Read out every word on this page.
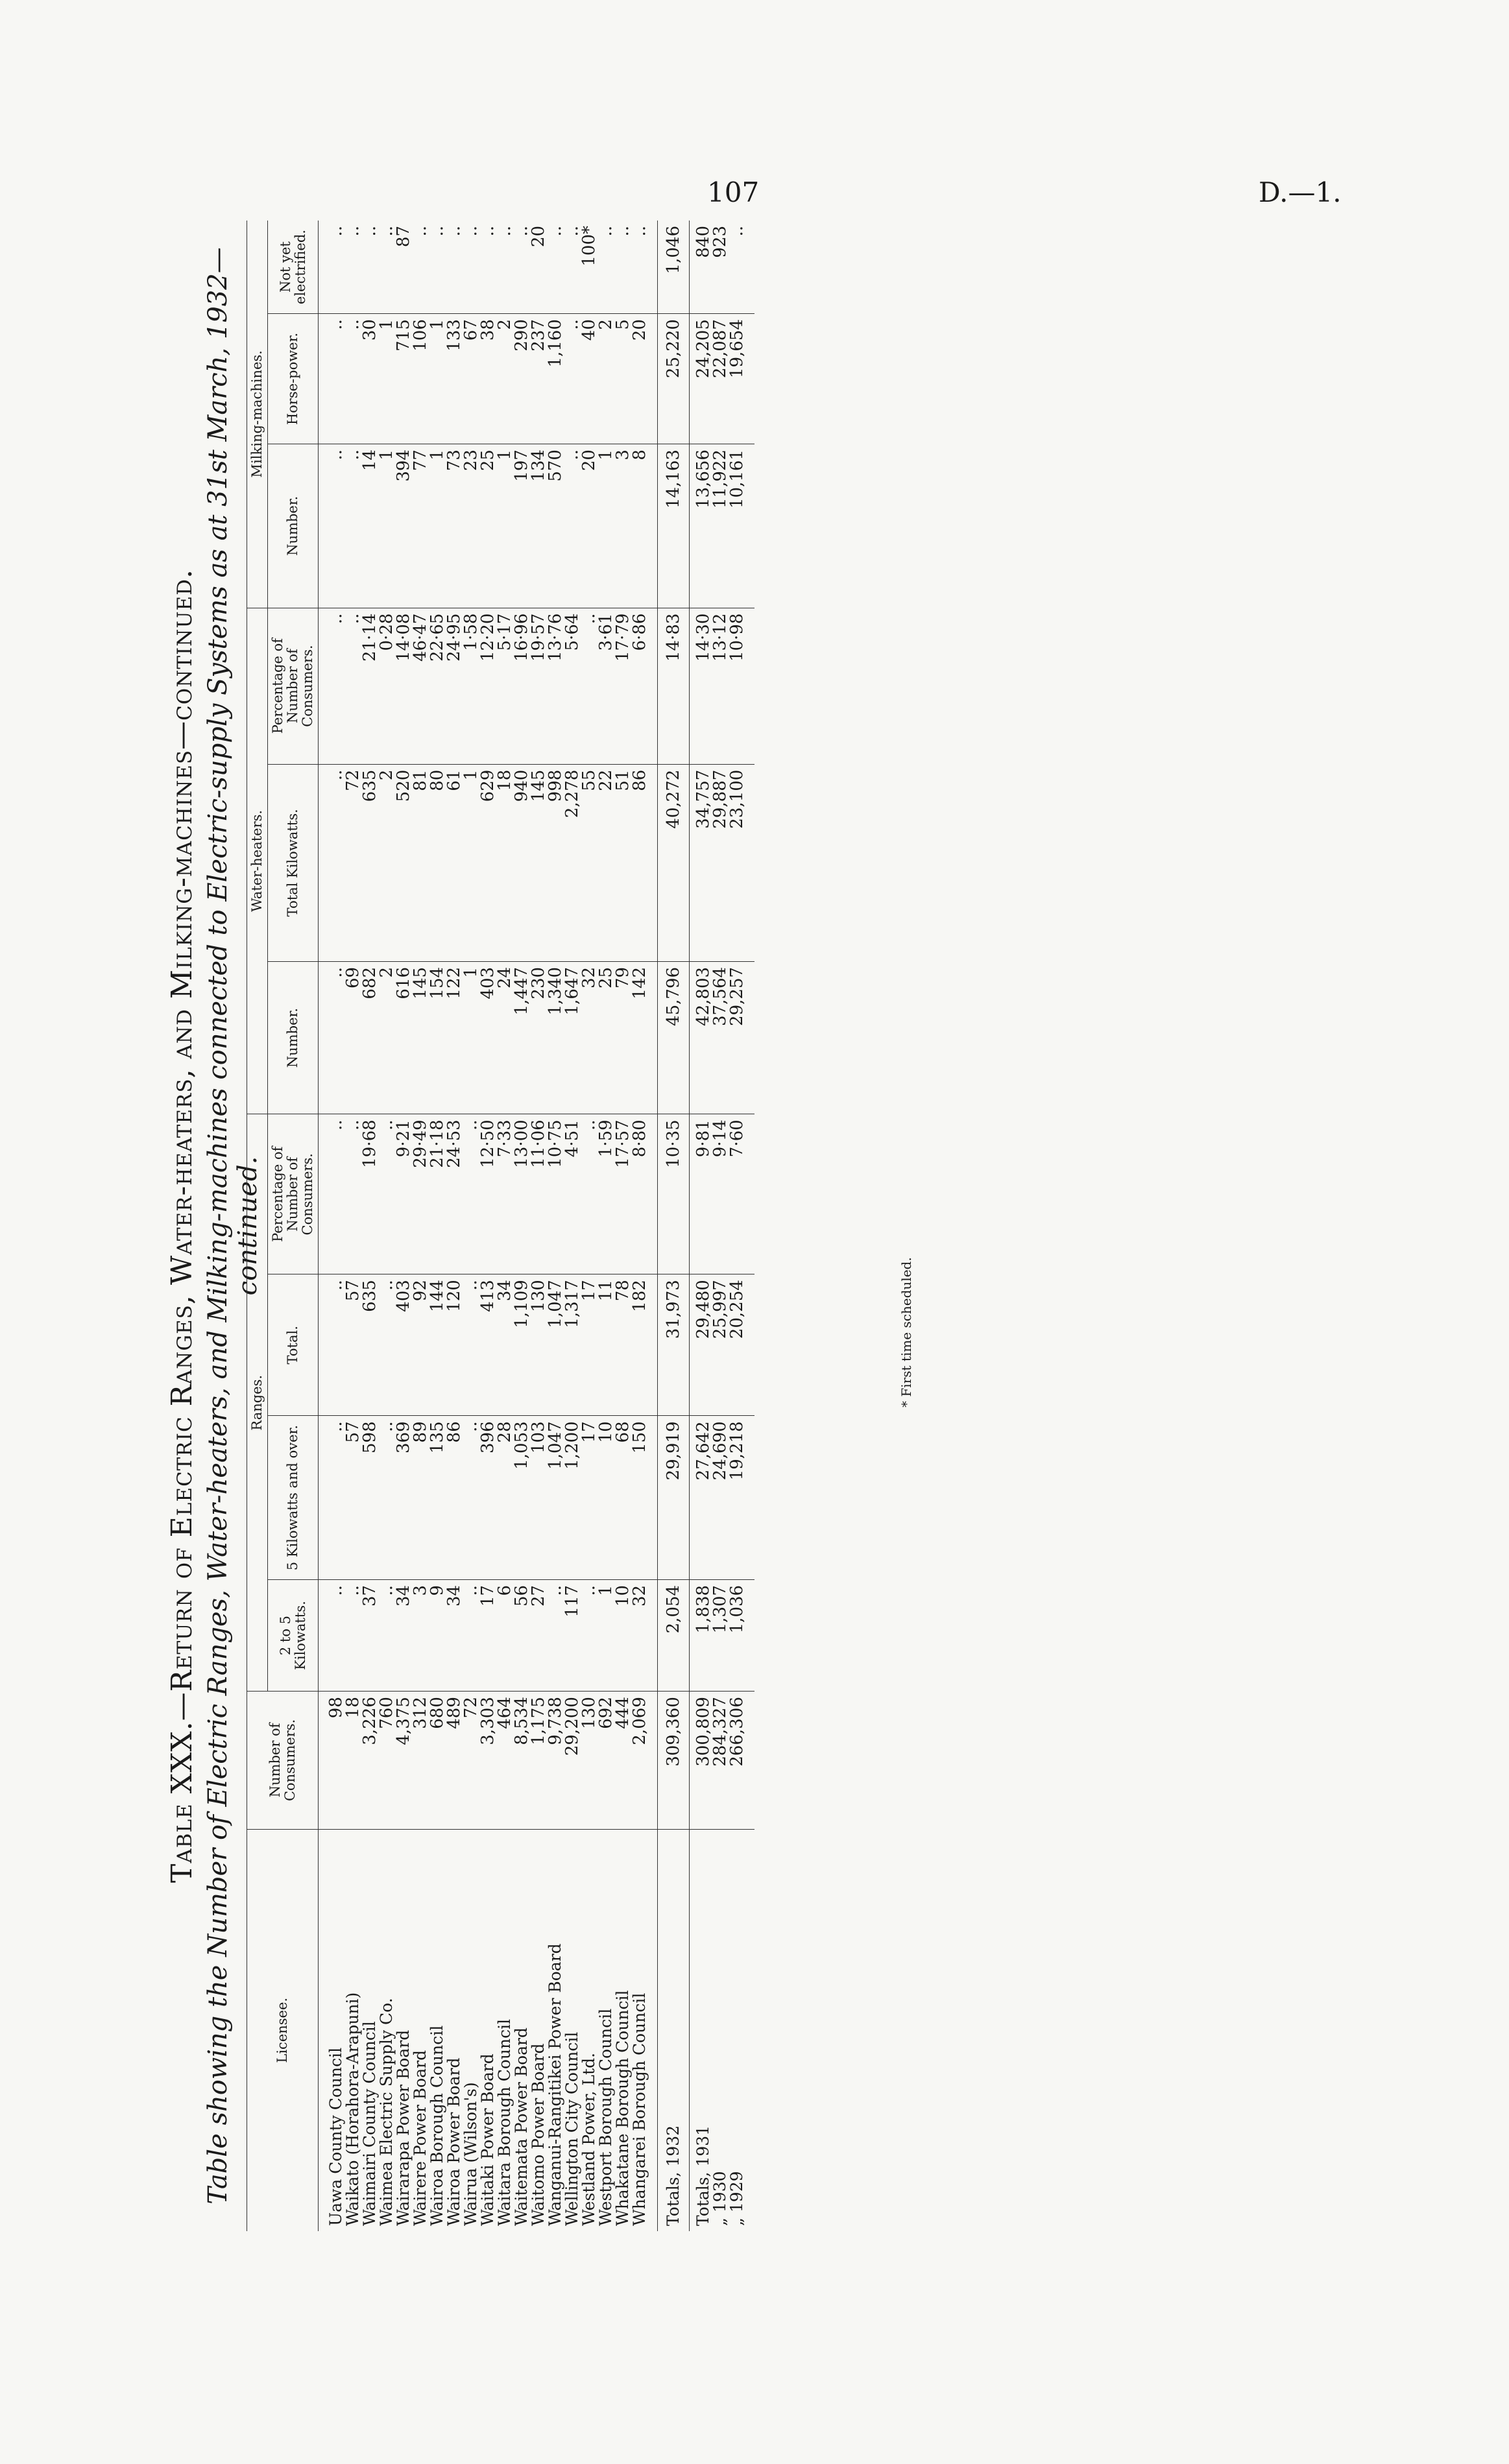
107	D.—1.
Table XXX.—Return of Electric Ranges, Water-heaters, and Milking-machines—continued. Table showing the Number of Electric Ranges, Water-heaters, and Milking-machines connected to Electric-supply Systems as at 31st March, 1932—continued.
Licensee.	Number of Consumers.	Ranges.				Water-heaters.			Milking-machines.		
		2 to 5 Kilowatts.	5 Kilowatts and over.	Total.	Percentage of Number of Consumers.	Number.	Total Kilowatts.	Percentage of Number of Consumers.	Number.	Horse-power.	Not yet electrified.

Uawa County Council	98	..	..	..	..	..	..	..	..	..	..
Waikato (Horahora-Arapuni)	18	..	57	57	..	69	72	..	..	..	..
Waimairi County Council	3,226	37	598	635	19·68	682	635	21·14	14	30	..
Waimea Electric Supply Co.	760	..	..	..	..	2	2	0·28	1	1	..
Wairarapa Power Board	4,375	34	369	403	9·21	616	520	14·08	394	715	87
Wairere Power Board	312	3	89	92	29·49	145	81	46·47	77	106	..
Wairoa Borough Council	680	9	135	144	21·18	154	80	22·65	1	1	..
Wairoa Power Board	489	34	86	120	24·53	122	61	24·95	73	133	..
Wairua (Wilson's)	72	..	..	..	..	1	1	1·58	23	67	..
Waitaki Power Board	3,303	17	396	413	12·50	403	629	12·20	25	38	..
Waitara Borough Council	464	6	28	34	7·33	24	18	5·17	1	2	..
Waitemata Power Board	8,534	56	1,053	1,109	13·00	1,447	940	16·96	197	290	..
Waitomo Power Board	1,175	27	103	130	11·06	230	145	19·57	134	237	20
Wanganui-Rangitikei Power Board	9,738	..	1,047	1,047	10·75	1,340	998	13·76	570	1,160	..
Wellington City Council	29,200	117	1,200	1,317	4·51	1,647	2,278	5·64	..	..	..
Westland Power, Ltd.	130	..	17	17	..	32	55	..	20	40	100*
Westport Borough Council	692	1	10	11	1·59	25	22	3·61	1	2	..
Whakatane Borough Council	444	10	68	78	17·57	79	51	17·79	3	5	..
Whangarei Borough Council	2,069	32	150	182	8·80	142	86	6·86	8	20	..

Totals, 1932	309,360	2,054	29,919	31,973	10·35	45,796	40,272	14·83	14,163	25,220	1,046
Totals, 1931	300,809	1,838	27,642	29,480	9·81	42,803	34,757	14·30	13,656	24,205	840
„ 1930	284,327	1,307	24,690	25,997	9·14	37,564	29,887	13·12	11,922	22,087	923
„ 1929	266,306	1,036	19,218	20,254	7·60	29,257	23,100	10·98	10,161	19,654	..

* First time scheduled.
